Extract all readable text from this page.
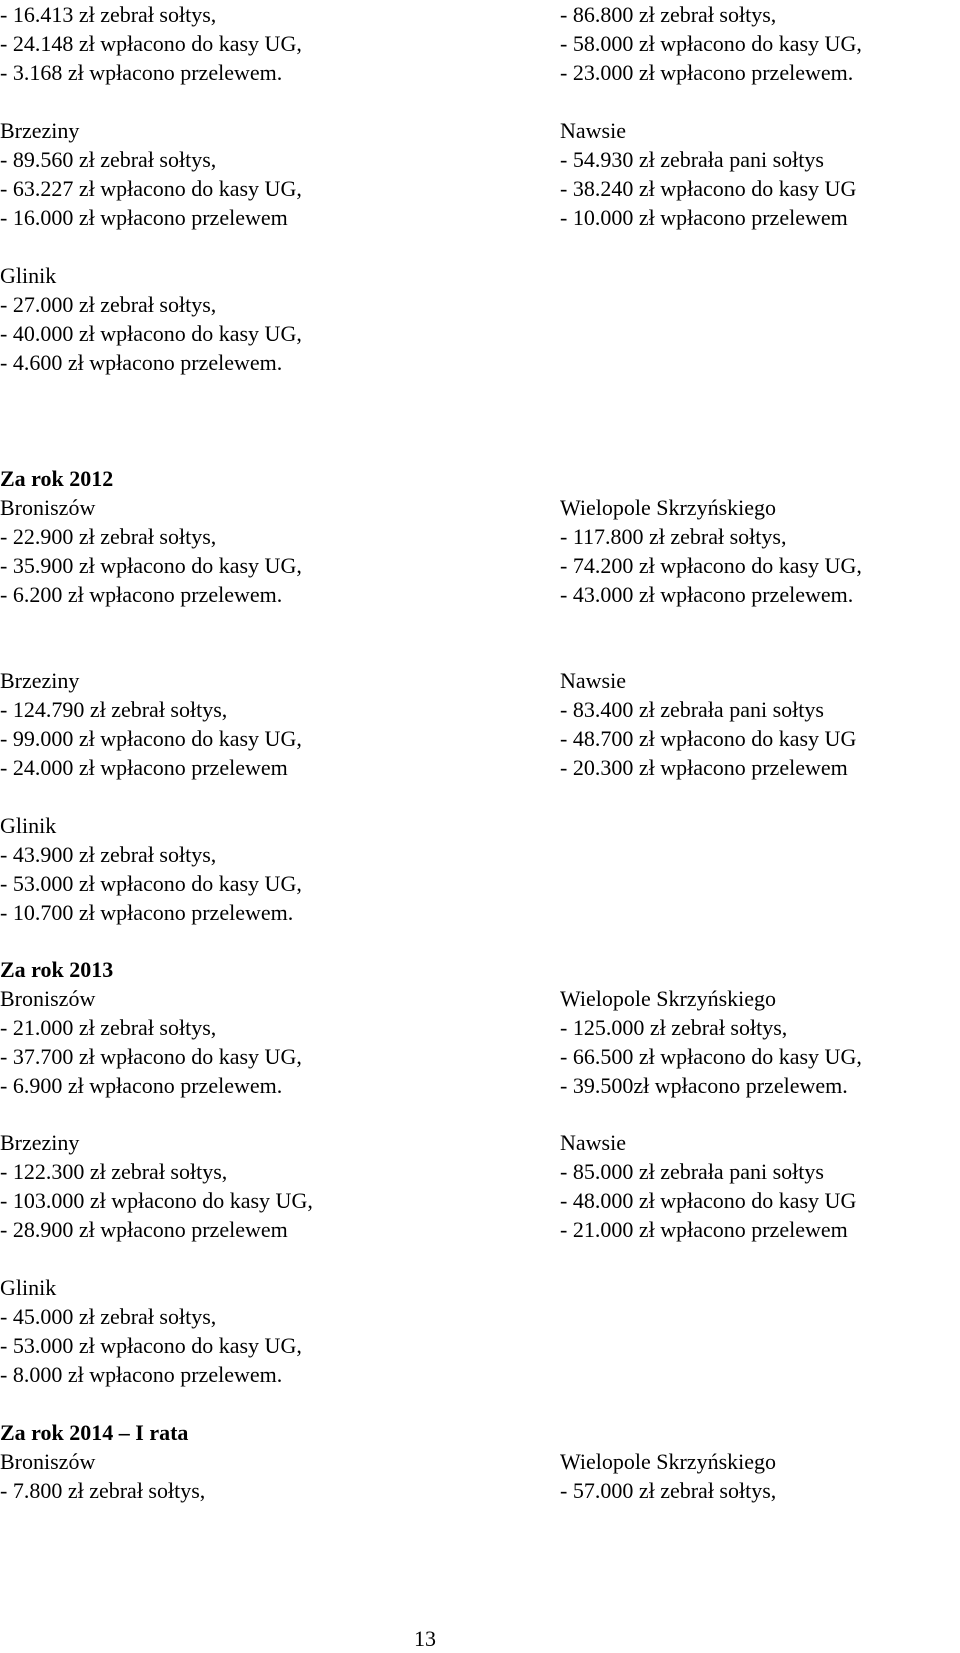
- 16.413 zł zebrał sołtys,
- 24.148 zł wpłacono do kasy UG,
- 3.168 zł wpłacono przelewem.
- 86.800 zł zebrał sołtys,
- 58.000 zł wpłacono do kasy UG,
- 23.000 zł wpłacono przelewem.
Brzeziny
- 89.560 zł zebrał sołtys,
- 63.227 zł wpłacono do kasy UG,
- 16.000 zł wpłacono przelewem
Nawsie
- 54.930 zł zebrała pani sołtys
- 38.240 zł wpłacono do kasy UG
- 10.000 zł wpłacono przelewem
Glinik
- 27.000 zł zebrał sołtys,
- 40.000 zł wpłacono do kasy UG,
- 4.600 zł wpłacono przelewem.
Za rok 2012
Broniszów
- 22.900 zł zebrał sołtys,
- 35.900 zł wpłacono do kasy UG,
- 6.200 zł wpłacono przelewem.
Wielopole Skrzyńskiego
- 117.800 zł zebrał sołtys,
- 74.200 zł wpłacono do kasy UG,
- 43.000 zł wpłacono przelewem.
Brzeziny
- 124.790 zł zebrał sołtys,
- 99.000 zł wpłacono do kasy UG,
- 24.000 zł wpłacono przelewem
Nawsie
- 83.400 zł zebrała pani sołtys
- 48.700 zł wpłacono do kasy UG
- 20.300 zł wpłacono przelewem
Glinik
- 43.900 zł zebrał sołtys,
- 53.000 zł wpłacono do kasy UG,
- 10.700 zł wpłacono przelewem.
Za rok 2013
Broniszów
- 21.000 zł zebrał sołtys,
- 37.700 zł wpłacono do kasy UG,
- 6.900 zł wpłacono przelewem.
Wielopole Skrzyńskiego
- 125.000 zł zebrał sołtys,
- 66.500 zł wpłacono do kasy UG,
- 39.500zł wpłacono przelewem.
Brzeziny
- 122.300 zł zebrał sołtys,
- 103.000 zł wpłacono do kasy UG,
- 28.900 zł wpłacono przelewem
Nawsie
- 85.000 zł zebrała pani sołtys
- 48.000 zł wpłacono do kasy UG
- 21.000 zł wpłacono przelewem
Glinik
- 45.000 zł zebrał sołtys,
- 53.000 zł wpłacono do kasy UG,
- 8.000 zł wpłacono przelewem.
Za rok 2014 – I rata
Broniszów
- 7.800 zł zebrał sołtys,
Wielopole Skrzyńskiego
- 57.000 zł zebrał sołtys,
13
